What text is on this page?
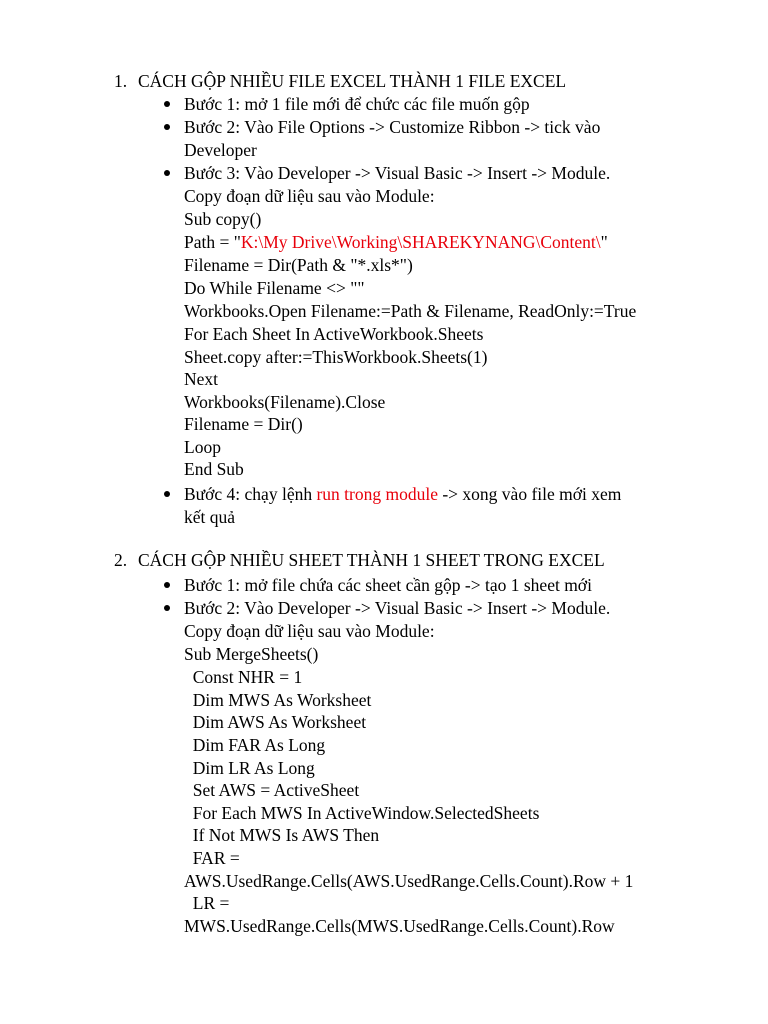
1. CÁCH GỘP NHIỀU FILE EXCEL THÀNH 1 FILE EXCEL
Bước 1: mở 1 file mới để chức các file muốn gộp
Bước 2: Vào File Options -> Customize Ribbon -> tick vào
Developer
Bước 3: Vào Developer -> Visual Basic -> Insert -> Module.
Copy đoạn dữ liệu sau vào Module:
Sub copy()
Path = "K:\My Drive\Working\SHAREKYNANG\Content\"
Filename = Dir(Path & "*.xls*")
Do While Filename <> ""
Workbooks.Open Filename:=Path & Filename, ReadOnly:=True
For Each Sheet In ActiveWorkbook.Sheets
Sheet.copy after:=ThisWorkbook.Sheets(1)
Next
Workbooks(Filename).Close
Filename = Dir()
Loop
End Sub
Bước 4: chạy lệnh run trong module -> xong vào file mới xem
kết quả
2. CÁCH GỘP NHIỀU SHEET THÀNH 1 SHEET TRONG EXCEL
Bước 1: mở file chứa các sheet cần gộp -> tạo 1 sheet mới
Bước 2: Vào Developer -> Visual Basic -> Insert -> Module.
Copy đoạn dữ liệu sau vào Module:
Sub MergeSheets()
Const NHR = 1
Dim MWS As Worksheet
Dim AWS As Worksheet
Dim FAR As Long
Dim LR As Long
Set AWS = ActiveSheet
For Each MWS In ActiveWindow.SelectedSheets
If Not MWS Is AWS Then
FAR =
AWS.UsedRange.Cells(AWS.UsedRange.Cells.Count).Row + 1
LR =
MWS.UsedRange.Cells(MWS.UsedRange.Cells.Count).Row
